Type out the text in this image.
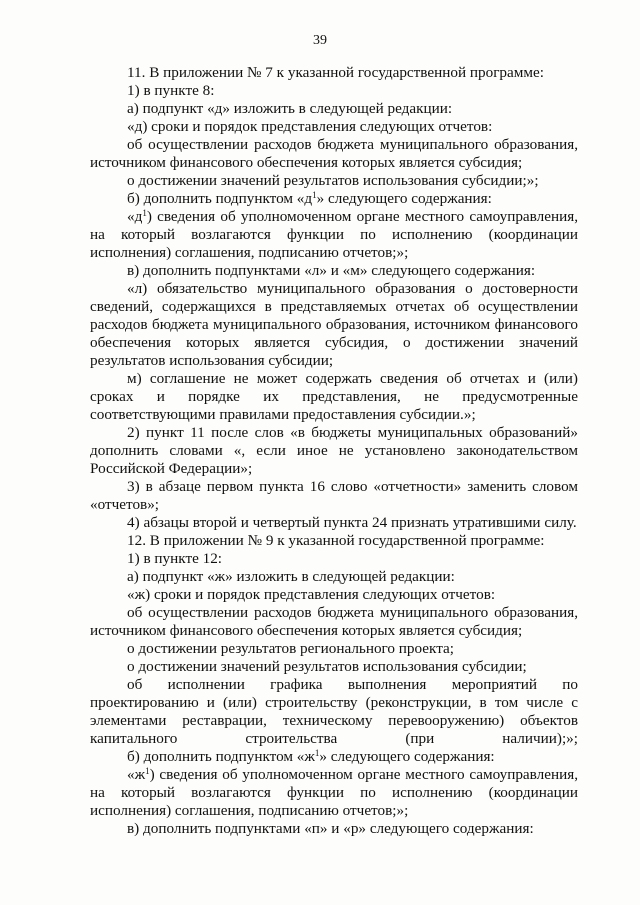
39

11. В приложении № 7 к указанной государственной программе:

1) в пункте 8:

а) подпункт «д» изложить в следующей редакции:

«д) сроки и порядок представления следующих отчетов:

об осуществлении расходов бюджета муниципального образования, источником финансового обеспечения которых является субсидия;

о достижении значений результатов использования субсидии;»;

б) дополнить подпунктом «$д^1$» следующего содержания:

«$д^1$) сведения об уполномоченном органе местного самоуправления, на который возлагаются функции по исполнению (координации исполнения) соглашения, подписанию отчетов;»;

в) дополнить подпунктами «л» и «м» следующего содержания:

«л) обязательство муниципального образования о достоверности сведений, содержащихся в представляемых отчетах об осуществлении расходов бюджета муниципального образования, источником финансового обеспечения которых является субсидия, о достижении значений результатов использования субсидии;

м) соглашение не может содержать сведения об отчетах и (или) сроках и порядке их представления, не предусмотренные соответствующими правилами предоставления субсидии.»;

2) пункт 11 после слов «в бюджеты муниципальных образований» дополнить словами «, если иное не установлено законодательством Российской Федерации»;

3) в абзаце первом пункта 16 слово «отчетности» заменить словом «отчетов»;

4) абзацы второй и четвертый пункта 24 признать утратившими силу.

12. В приложении № 9 к указанной государственной программе:

1) в пункте 12:

а) подпункт «ж» изложить в следующей редакции:

«ж) сроки и порядок представления следующих отчетов:

об осуществлении расходов бюджета муниципального образования, источником финансового обеспечения которых является субсидия;

о достижении результатов регионального проекта;

о достижении значений результатов использования субсидии;

об исполнении графика выполнения мероприятий по проектированию и (или) строительству (реконструкции, в том числе с элементами реставрации, техническому перевооружению) объектов капитального строительства (при наличии);»;

б) дополнить подпунктом «$ж^1$» следующего содержания:

«$ж^1$) сведения об уполномоченном органе местного самоуправления, на который возлагаются функции по исполнению (координации исполнения) соглашения, подписанию отчетов;»;

в) дополнить подпунктами «п» и «р» следующего содержания:
